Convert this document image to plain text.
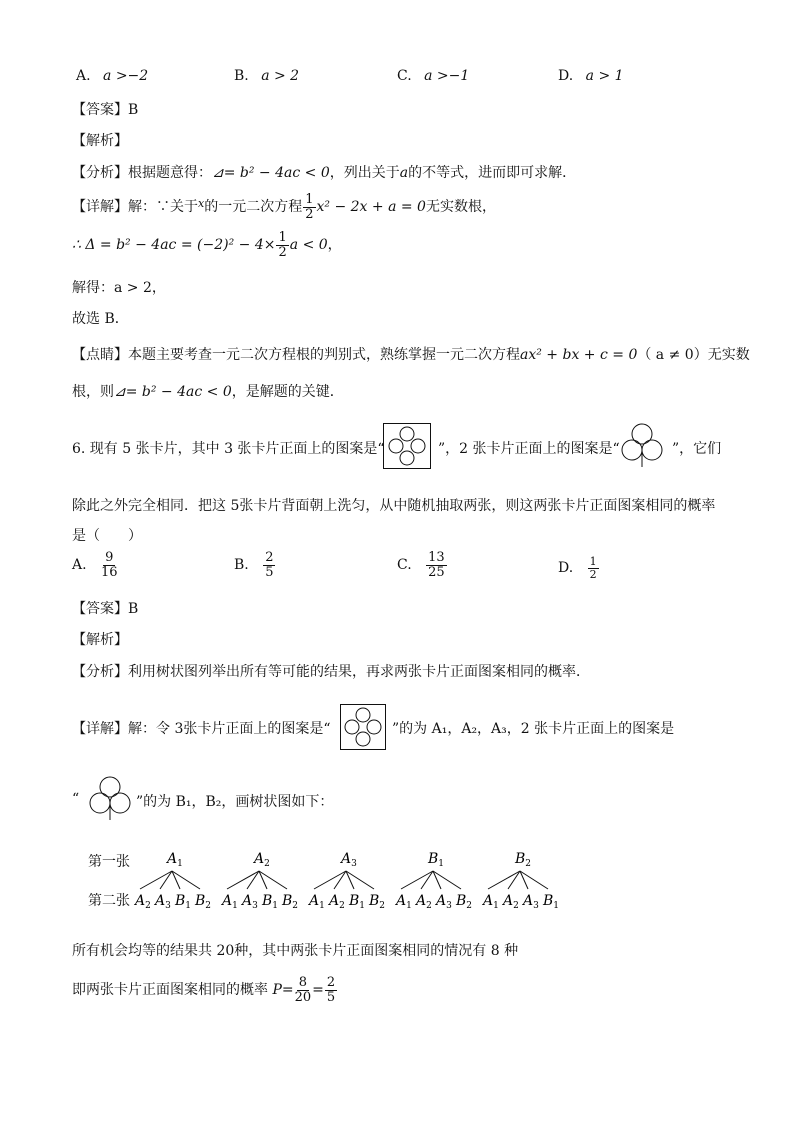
A. a >−2	B. a > 2	C. a >−1	D. a > 1
【答案】B
【解析】
【分析】根据题意得：⊿= b² − 4ac < 0，列出关于a的不等式，进而即可求解．
【详解】解：∵关于$^x$的一元二次方程 $\frac{1}{2} x^2 - 2x + a = 0$无实数根，
∴ $\Delta = b^2 - 4ac = (-2)^2 - 4\times \frac{1}{2}$ a < 0，
解得：a > 2，
故选 B．
【点睛】本题主要考查一元二次方程根的判别式，熟练掌握一元二次方程ax² + bx + c = 0（ a ≠ 0）无实数
根，则⊿= b² − 4ac < 0，是解题的关键．
6. 现有 5 张卡片，其中 3 张卡片正面上的图案是“	”，2 张卡片正面上的图案是“	”，它们
除此之外完全相同．把这 5张卡片背面朝上洗匀，从中随机抽取两张，则这两张卡片正面图案相同的概率
是（　　）
A. $\frac{9}{16}$	B. $\frac{2}{5}$	C. $\frac{13}{25}$	D. $\frac{1}{2}$
【答案】B
【解析】
【分析】利用树状图列举出所有等可能的结果，再求两张卡片正面图案相同的概率．
【详解】解：令 3张卡片正面上的图案是“	”的为 A₁，A₂，A₃，2 张卡片正面上的图案是
“	”的为 B₁，B₂，画树状图如下：
第一张
第二张
$A_1$
$A_2$ $A_3$ $B_1$ $B_2$
$A_2$
$A_1$ $A_3$ $B_1$ $B_2$
$A_3$
$A_1$ $A_2$ $B_1$ $B_2$
$B_1$
$A_1$ $A_2$ $A_3$ $B_2$
$B_2$
$A_1$ $A_2$ $A_3$ $B_1$
所有机会均等的结果共 20种，其中两张卡片正面图案相同的情况有 8 种
即两张卡片正面图案相同的概率 $P= \frac{8}{20} = \frac{2}{5}$
